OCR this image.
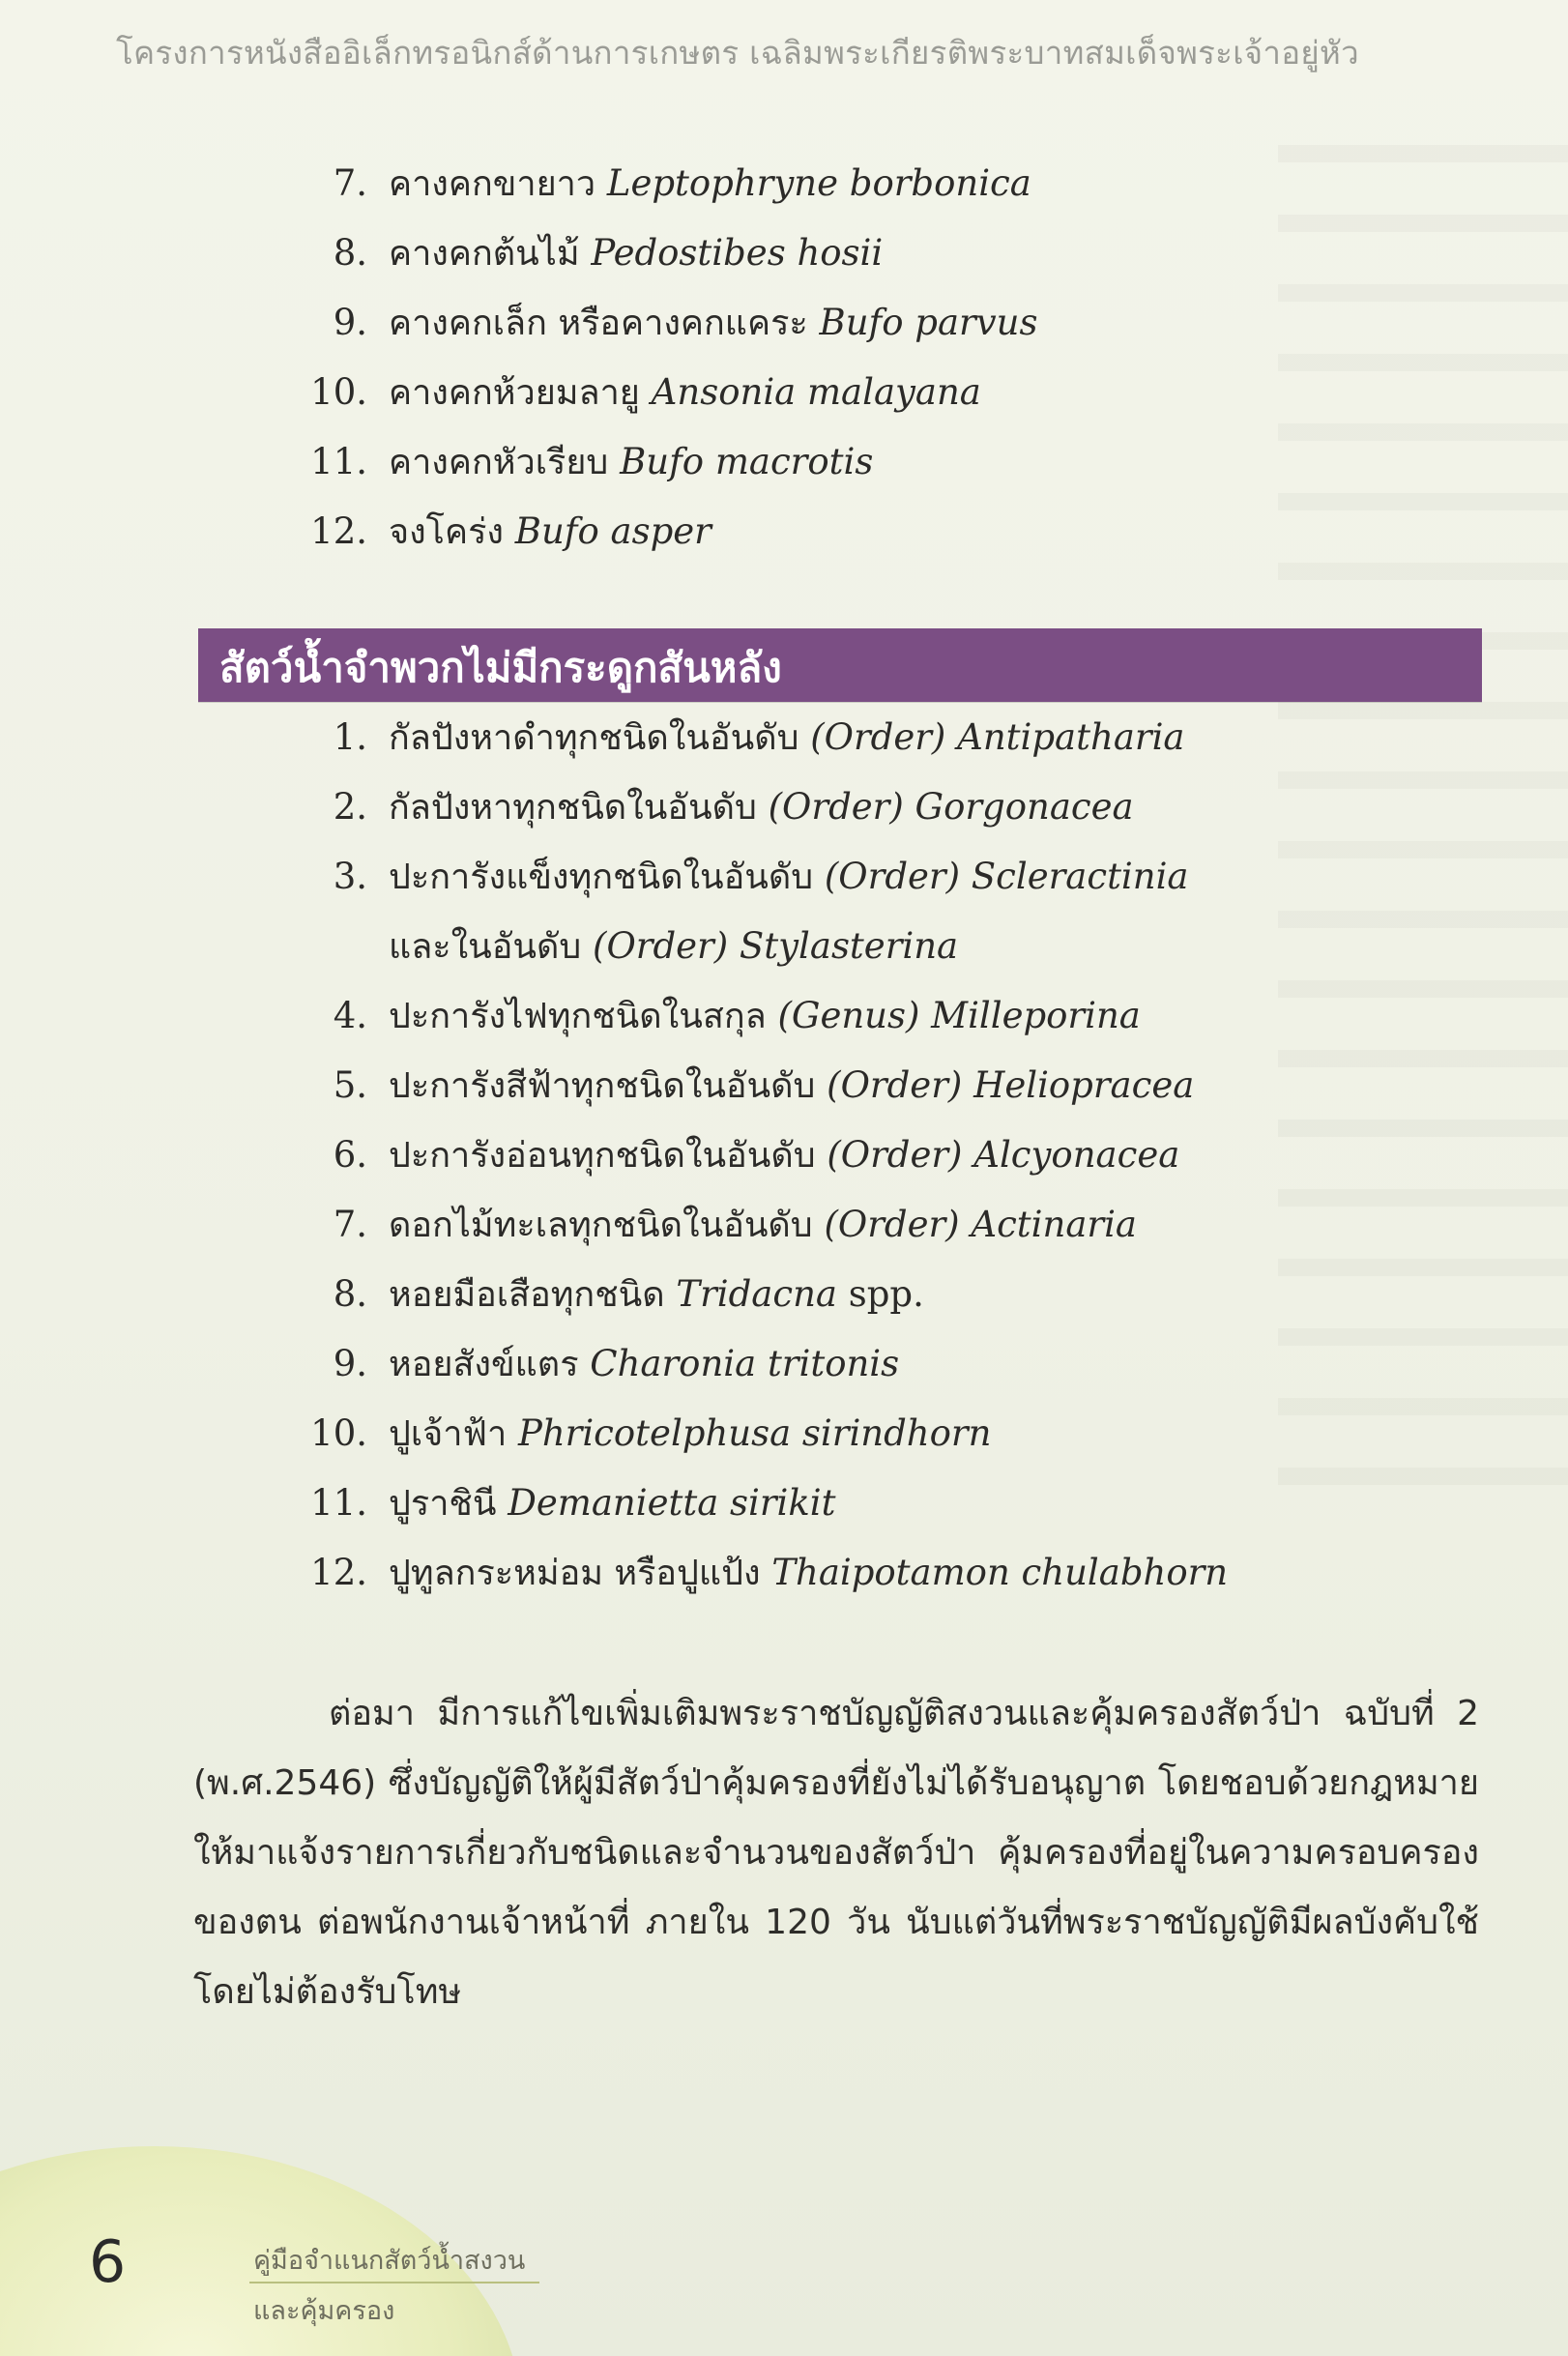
โครงการหนังสืออิเล็กทรอนิกส์ด้านการเกษตร เฉลิมพระเกียรติพระบาทสมเด็จพระเจ้าอยู่หัว
7. คางคกขายาว Leptophryne borbonica
8. คางคกต้นไม้ Pedostibes hosii
9. คางคกเล็ก หรือคางคกแคระ Bufo parvus
10. คางคกห้วยมลายู Ansonia malayana
11. คางคกหัวเรียบ Bufo macrotis
12. จงโคร่ง Bufo asper
สัตว์น้ำจำพวกไม่มีกระดูกสันหลัง
1. กัลปังหาดำทุกชนิดในอันดับ (Order) Antipatharia
2. กัลปังหาทุกชนิดในอันดับ (Order) Gorgonacea
3. ปะการังแข็งทุกชนิดในอันดับ (Order) Scleractinia
และในอันดับ (Order) Stylasterina
4. ปะการังไฟทุกชนิดในสกุล (Genus) Milleporina
5. ปะการังสีฟ้าทุกชนิดในอันดับ (Order) Heliopracea
6. ปะการังอ่อนทุกชนิดในอันดับ (Order) Alcyonacea
7. ดอกไม้ทะเลทุกชนิดในอันดับ (Order) Actinaria
8. หอยมือเสือทุกชนิด Tridacna spp.
9. หอยสังข์แตร Charonia tritonis
10. ปูเจ้าฟ้า Phricotelphusa sirindhorn
11. ปูราชินี Demanietta sirikit
12. ปูทูลกระหม่อม หรือปูแป้ง Thaipotamon chulabhorn

ต่อมา มีการแก้ไขเพิ่มเติมพระราชบัญญัติสงวนและคุ้มครองสัตว์ป่า ฉบับที่ 2 (พ.ศ.2546) ซึ่งบัญญัติให้ผู้มีสัตว์ป่าคุ้มครองที่ยังไม่ได้รับอนุญาต โดยชอบด้วยกฎหมายให้มาแจ้งรายการเกี่ยวกับชนิดและจำนวนของสัตว์ป่า คุ้มครองที่อยู่ในความครอบครองของตน ต่อพนักงานเจ้าหน้าที่ ภายใน 120 วัน นับแต่วันที่พระราชบัญญัติมีผลบังคับใช้ โดยไม่ต้องรับโทษ

6	คู่มือจำแนกสัตว์น้ำสงวน
และคุ้มครอง
